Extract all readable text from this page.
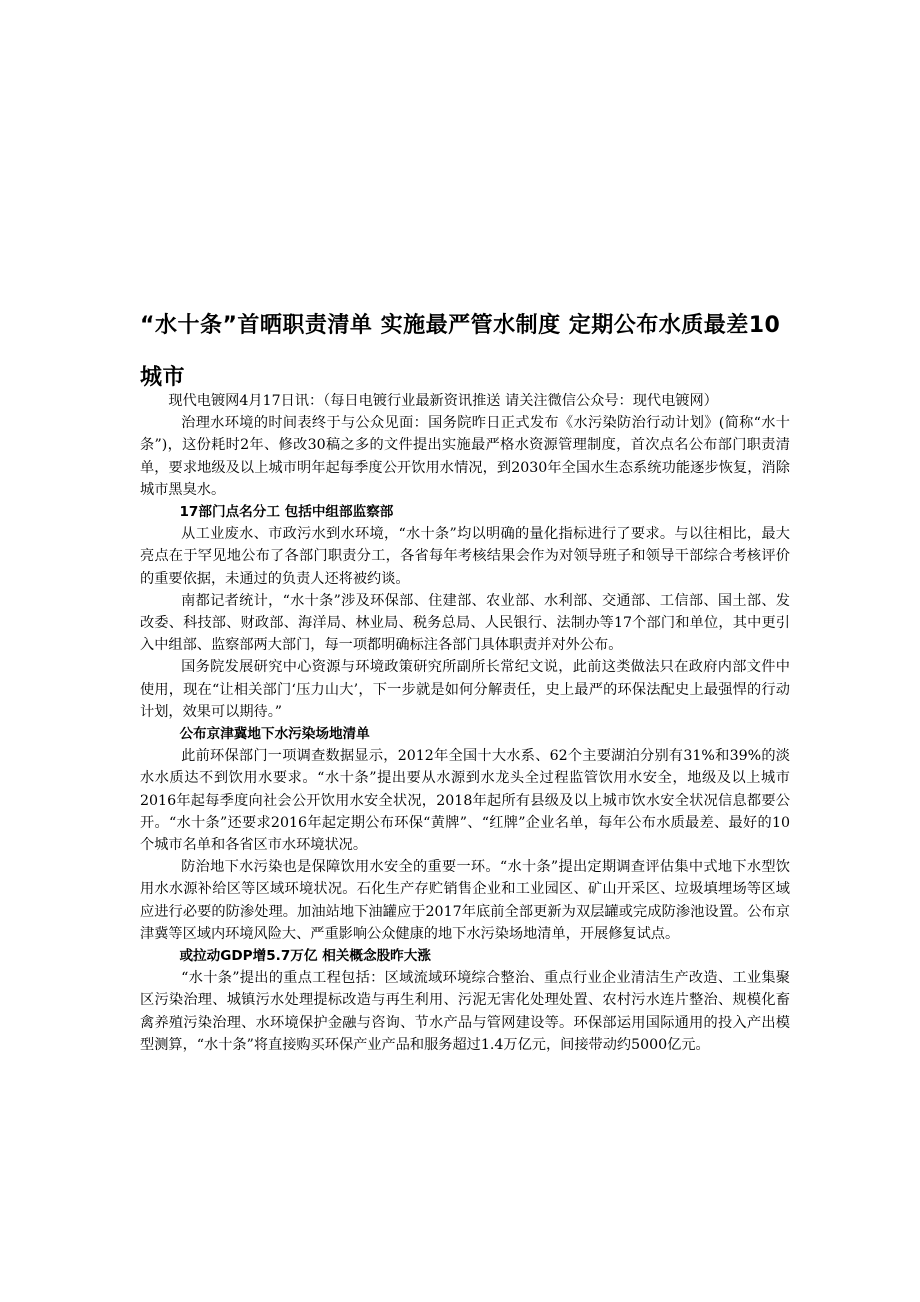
“水十条”首晒职责清单 实施最严管水制度 定期公布水质最差10城市

现代电镀网4月17日讯：（每日电镀行业最新资讯推送 请关注微信公众号：现代电镀网）

治理水环境的时间表终于与公众见面：国务院昨日正式发布《水污染防治行动计划》(简称“水十条”)，这份耗时2年、修改30稿之多的文件提出实施最严格水资源管理制度，首次点名公布部门职责清单，要求地级及以上城市明年起每季度公开饮用水情况，到2030年全国水生态系统功能逐步恢复，消除城市黑臭水。

17部门点名分工 包括中组部监察部

从工业废水、市政污水到水环境，“水十条”均以明确的量化指标进行了要求。与以往相比，最大亮点在于罕见地公布了各部门职责分工，各省每年考核结果会作为对领导班子和领导干部综合考核评价的重要依据，未通过的负责人还将被约谈。

南都记者统计，“水十条”涉及环保部、住建部、农业部、水利部、交通部、工信部、国土部、发改委、科技部、财政部、海洋局、林业局、税务总局、人民银行、法制办等17个部门和单位，其中更引入中组部、监察部两大部门，每一项都明确标注各部门具体职责并对外公布。

国务院发展研究中心资源与环境政策研究所副所长常纪文说，此前这类做法只在政府内部文件中使用，现在“让相关部门‘压力山大’，下一步就是如何分解责任，史上最严的环保法配史上最强悍的行动计划，效果可以期待。”

公布京津冀地下水污染场地清单

此前环保部门一项调查数据显示，2012年全国十大水系、62个主要湖泊分别有31%和39%的淡水水质达不到饮用水要求。“水十条”提出要从水源到水龙头全过程监管饮用水安全，地级及以上城市2016年起每季度向社会公开饮用水安全状况，2018年起所有县级及以上城市饮水安全状况信息都要公开。“水十条”还要求2016年起定期公布环保“黄牌”、“红牌”企业名单，每年公布水质最差、最好的10个城市名单和各省区市水环境状况。

防治地下水污染也是保障饮用水安全的重要一环。“水十条”提出定期调查评估集中式地下水型饮用水水源补给区等区域环境状况。石化生产存贮销售企业和工业园区、矿山开采区、垃圾填埋场等区域应进行必要的防渗处理。加油站地下油罐应于2017年底前全部更新为双层罐或完成防渗池设置。公布京津冀等区域内环境风险大、严重影响公众健康的地下水污染场地清单，开展修复试点。

或拉动GDP增5.7万亿 相关概念股昨大涨

“水十条”提出的重点工程包括：区域流域环境综合整治、重点行业企业清洁生产改造、工业集聚区污染治理、城镇污水处理提标改造与再生利用、污泥无害化处理处置、农村污水连片整治、规模化畜禽养殖污染治理、水环境保护金融与咨询、节水产品与管网建设等。环保部运用国际通用的投入产出模型测算，“水十条”将直接购买环保产业产品和服务超过1.4万亿元，间接带动约5000亿元。
